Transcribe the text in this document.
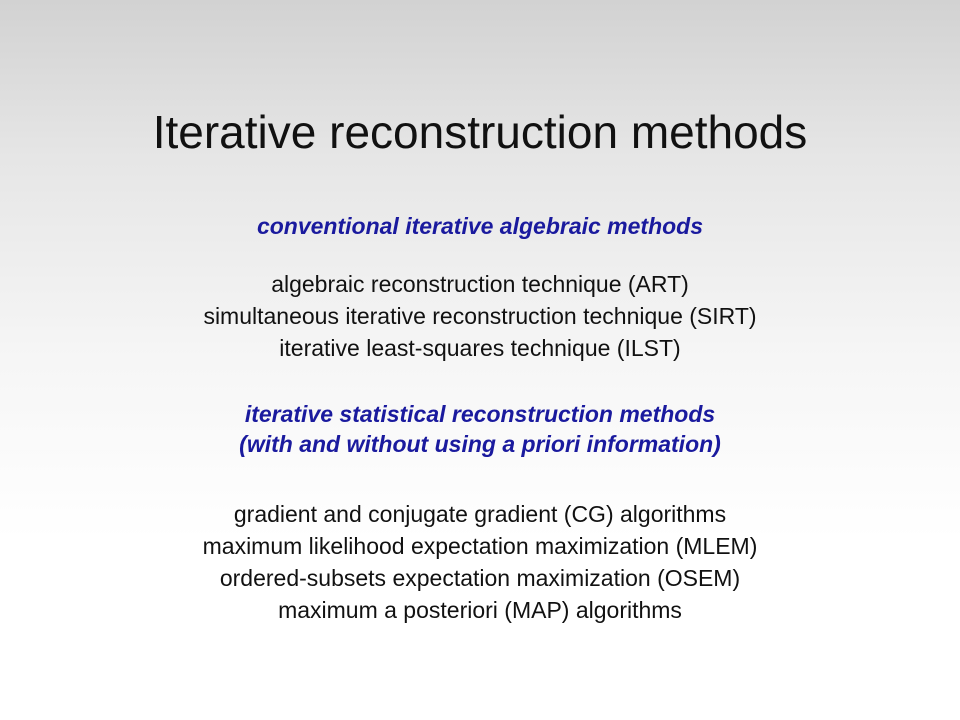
Iterative reconstruction methods
conventional iterative algebraic methods
algebraic reconstruction technique (ART)
simultaneous iterative reconstruction technique (SIRT)
iterative least-squares technique (ILST)
iterative statistical reconstruction methods
(with and without using a priori information)
gradient and conjugate gradient (CG) algorithms
maximum likelihood expectation maximization (MLEM)
ordered-subsets expectation maximization (OSEM)
maximum a posteriori (MAP) algorithms
